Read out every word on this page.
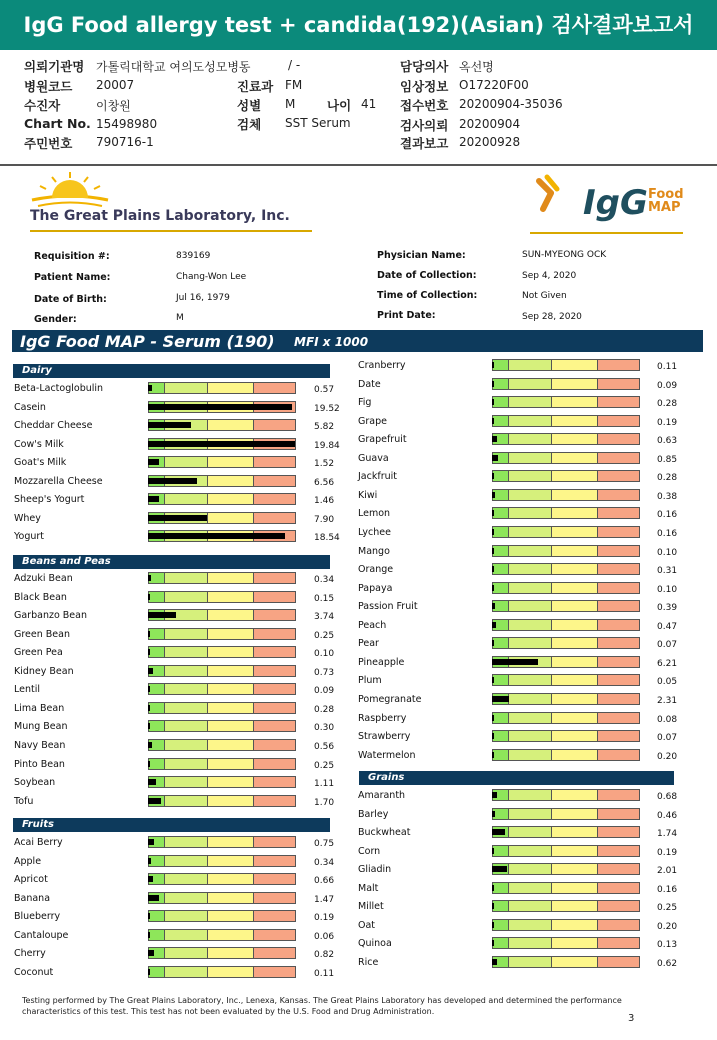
IgG Food allergy test + candida(192)(Asian) 검사결과보고서
의뢰기관명 가톨릭대학교 여의도성모병동	/ -
병원코드 20007
수진자	이창원
Chart No. 15498980
주민번호 790716-1
진료과 FM
성별 M	나이 41
검체 SST Serum
담당의사 옥선명
임상정보 O17220F00
접수번호 20200904-35036
검사의뢰 20200904
결과보고 20200928
The Great Plains Laboratory, Inc.	IgG Food
MAP
Requisition #:	839169
Patient Name:	Chang-Won Lee
Date of Birth:	Jul 16, 1979
Gender:	M
Physician Name:	SUN-MYEONG OCK
Date of Collection:	Sep 4, 2020
Time of Collection:	Not Given
Print Date:	Sep 28, 2020
IgG Food MAP - Serum (190) MFI x 1000
Dairy
Beta-Lactoglobulin	0.57
Casein	19.52
Cheddar Cheese	5.82
Cow's Milk	19.84
Goat's Milk	1.52
Mozzarella Cheese	6.56
Sheep's Yogurt	1.46
Whey	7.90
Yogurt	18.54
Beans and Peas
Adzuki Bean	0.34
Black Bean	0.15
Garbanzo Bean	3.74
Green Bean	0.25
Green Pea	0.10
Kidney Bean	0.73
Lentil	0.09
Lima Bean	0.28
Mung Bean	0.30
Navy Bean	0.56
Pinto Bean	0.25
Soybean	1.11
Tofu	1.70
Fruits
Acai Berry	0.75
Apple	0.34
Apricot	0.66
Banana	1.47
Blueberry	0.19
Cantaloupe	0.06
Cherry	0.82
Coconut	0.11
Cranberry	0.11
Date	0.09
Fig	0.28
Grape	0.19
Grapefruit	0.63
Guava	0.85
Jackfruit	0.28
Kiwi	0.38
Lemon	0.16
Lychee	0.16
Mango	0.10
Orange	0.31
Papaya	0.10
Passion Fruit	0.39
Peach	0.47
Pear	0.07
Pineapple	6.21
Plum	0.05
Pomegranate	2.31
Raspberry	0.08
Strawberry	0.07
Watermelon	0.20
Grains
Amaranth	0.68
Barley	0.46
Buckwheat	1.74
Corn	0.19
Gliadin	2.01
Malt	0.16
Millet	0.25
Oat	0.20
Quinoa	0.13
Rice	0.62
Testing performed by The Great Plains Laboratory, Inc., Lenexa, Kansas. The Great Plains Laboratory has developed and determined the performance characteristics of this test. This test has not been evaluated by the U.S. Food and Drug Administration.
3
